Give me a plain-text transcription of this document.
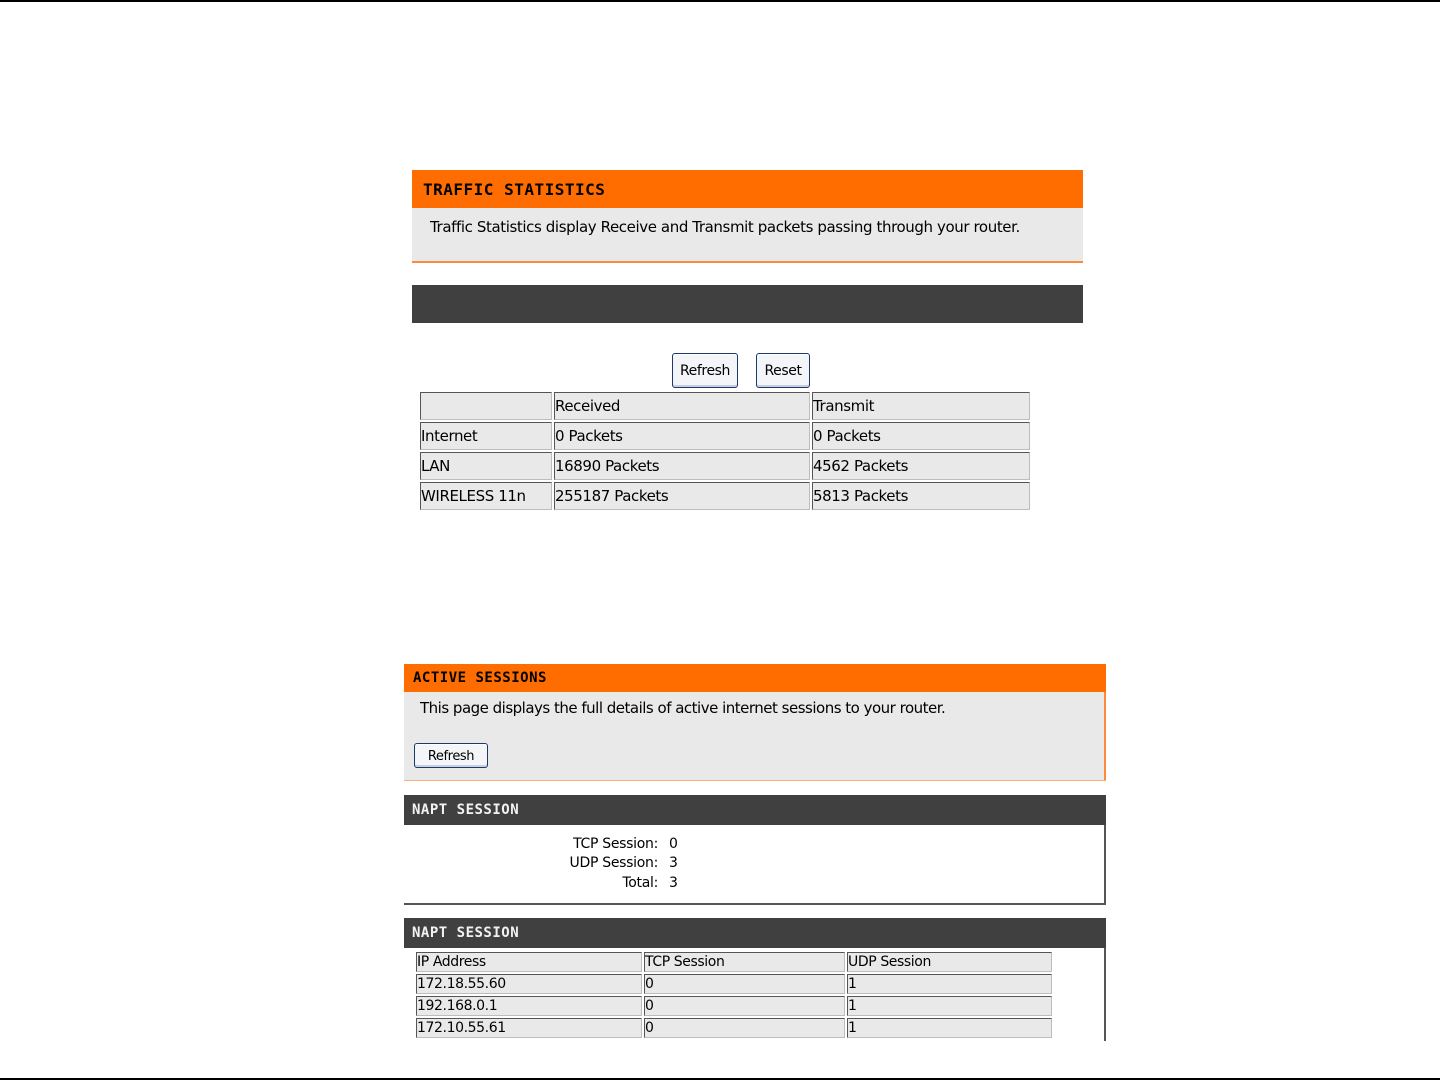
TRAFFIC STATISTICS
Traffic Statistics display Receive and Transmit packets passing through your router.
Refresh	Reset
	Received	Transmit
Internet	0 Packets	0 Packets
LAN	16890 Packets	4562 Packets
WIRELESS 11n	255187 Packets	5813 Packets
ACTIVE SESSIONS
This page displays the full details of active internet sessions to your router.
Refresh
NAPT SESSION
TCP Session: 0
UDP Session: 3
Total: 3
NAPT SESSION
IP Address	TCP Session	UDP Session
172.18.55.60	0	1
192.168.0.1	0	1
172.10.55.61	0	1
